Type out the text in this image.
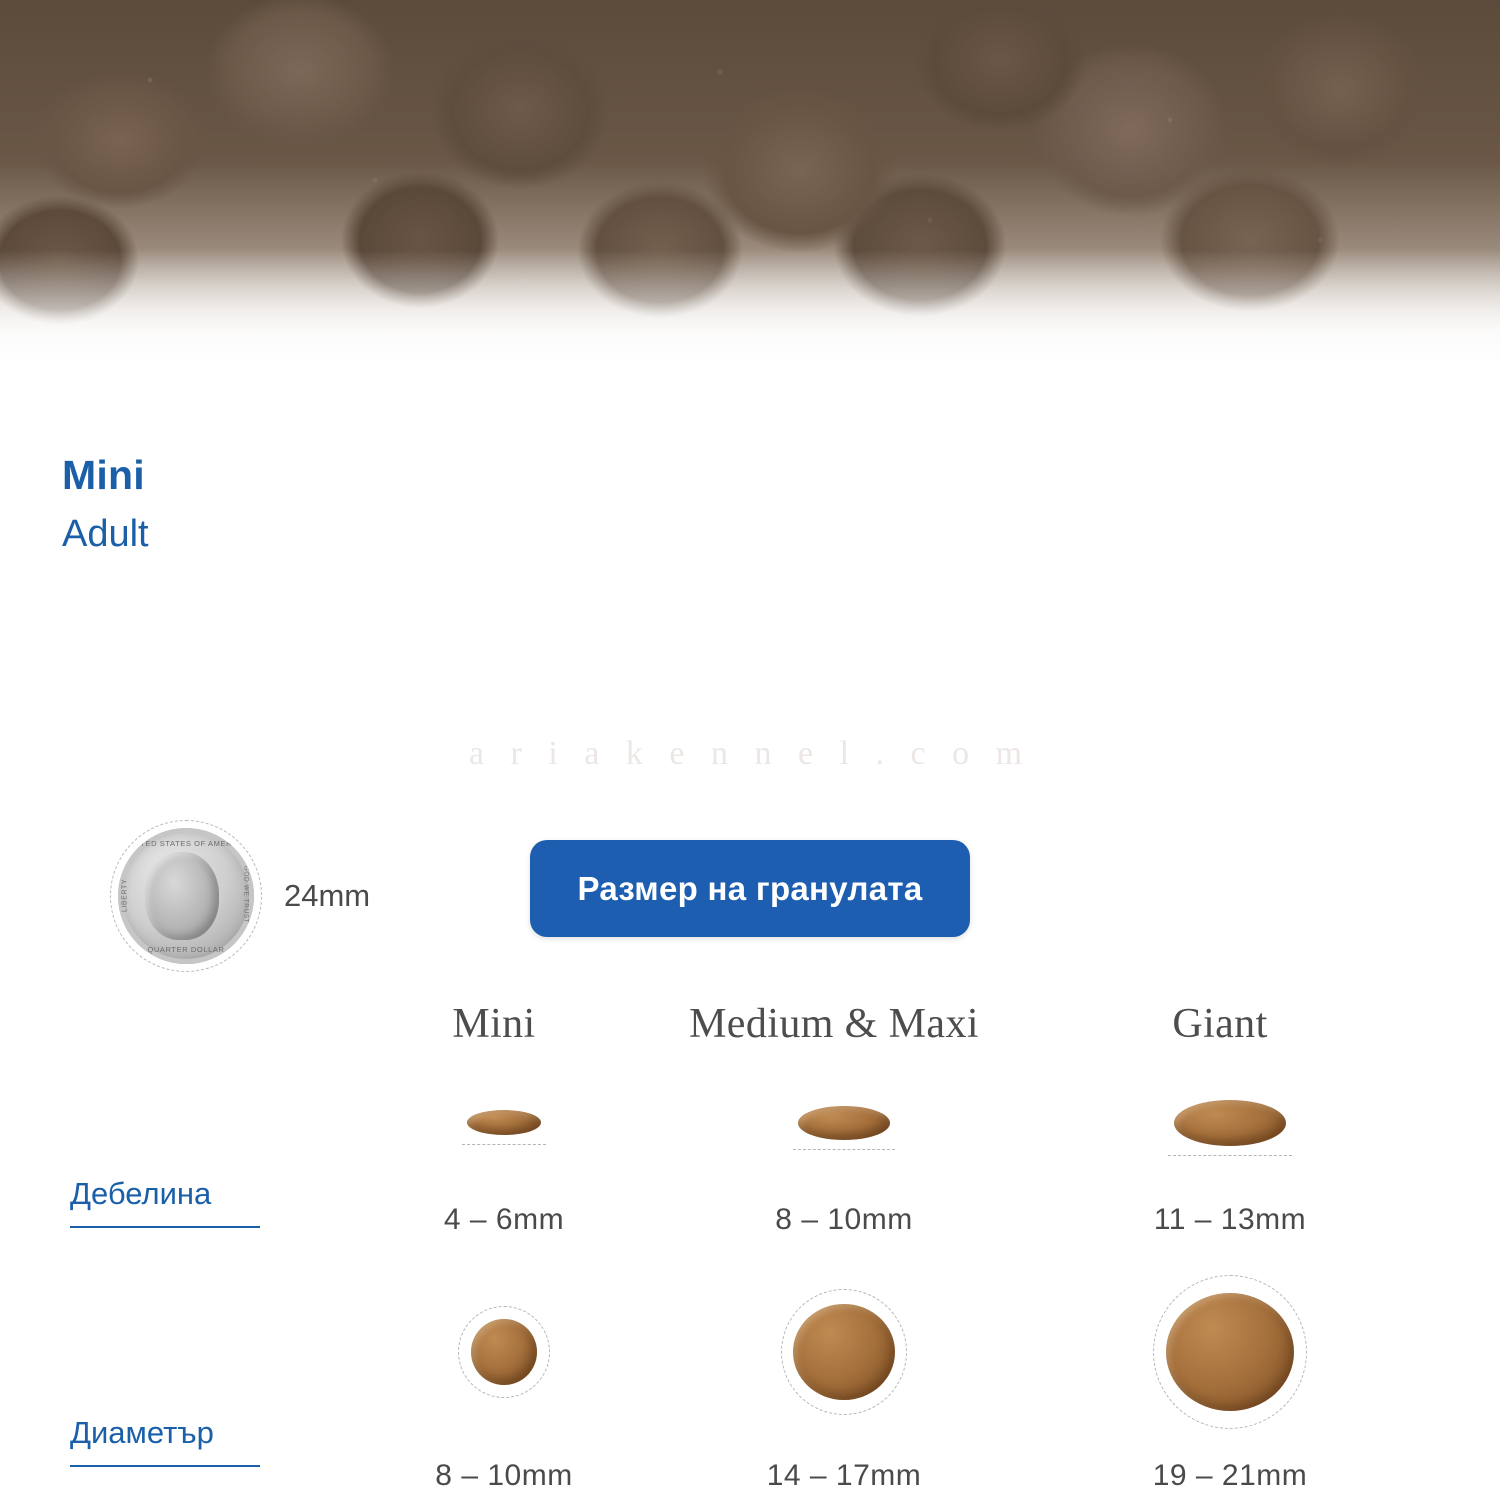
Mini
Adult
a r i a k e n n e l . c o m
UNITED STATES OF AMERICA
LIBERTY	IN GOD WE TRUST
QUARTER DOLLAR
24mm	Размер на гранулата
Mini	Medium & Maxi	Giant
Дебелина
4 – 6mm	8 – 10mm	11 – 13mm
Диаметър
8 – 10mm	14 – 17mm	19 – 21mm
